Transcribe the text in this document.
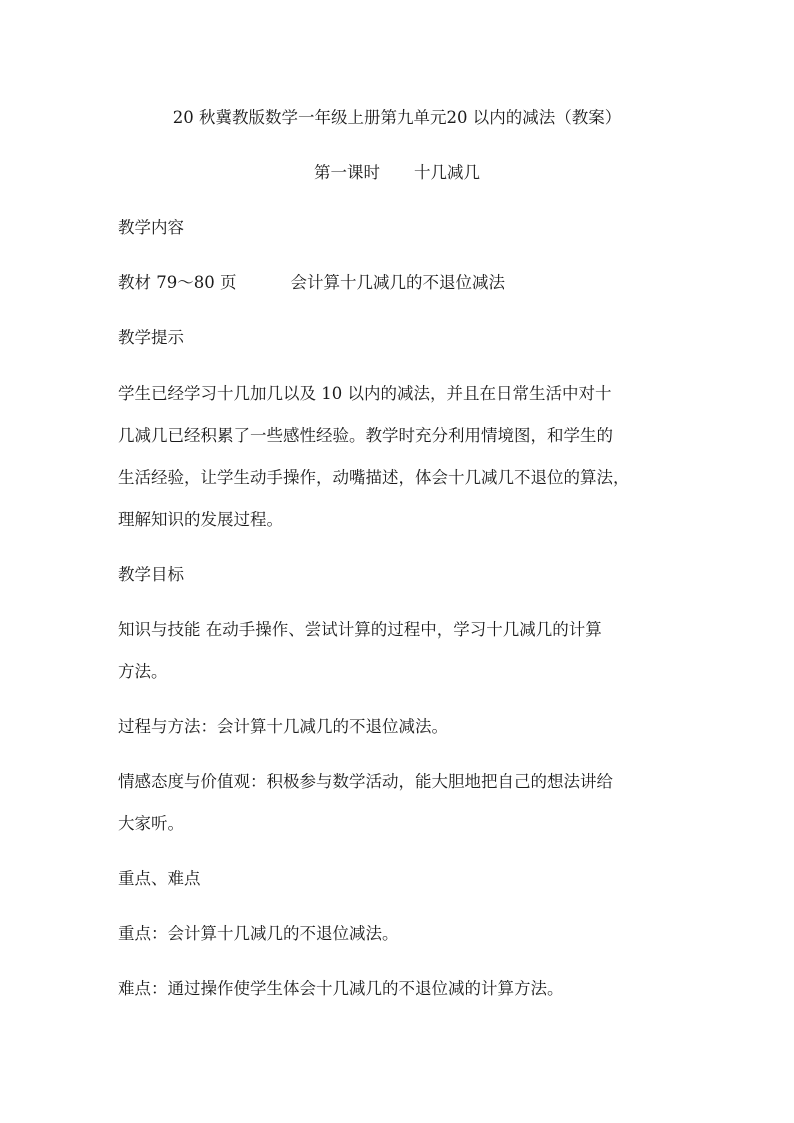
20 秋冀教版数学一年级上册第九单元20 以内的减法（教案）
第一课时 十几减几
教学内容
教材 79～80 页	会计算十几减几的不退位减法
教学提示
学生已经学习十几加几以及 10 以内的减法，并且在日常生活中对十
几减几已经积累了一些感性经验。教学时充分利用情境图，和学生的
生活经验，让学生动手操作，动嘴描述，体会十几减几不退位的算法，
理解知识的发展过程。
教学目标
知识与技能 在动手操作、尝试计算的过程中，学习十几减几的计算
方法。
过程与方法：会计算十几减几的不退位减法。
情感态度与价值观：积极参与数学活动，能大胆地把自己的想法讲给
大家听。
重点、难点
重点：会计算十几减几的不退位减法。
难点：通过操作使学生体会十几减几的不退位减的计算方法。
